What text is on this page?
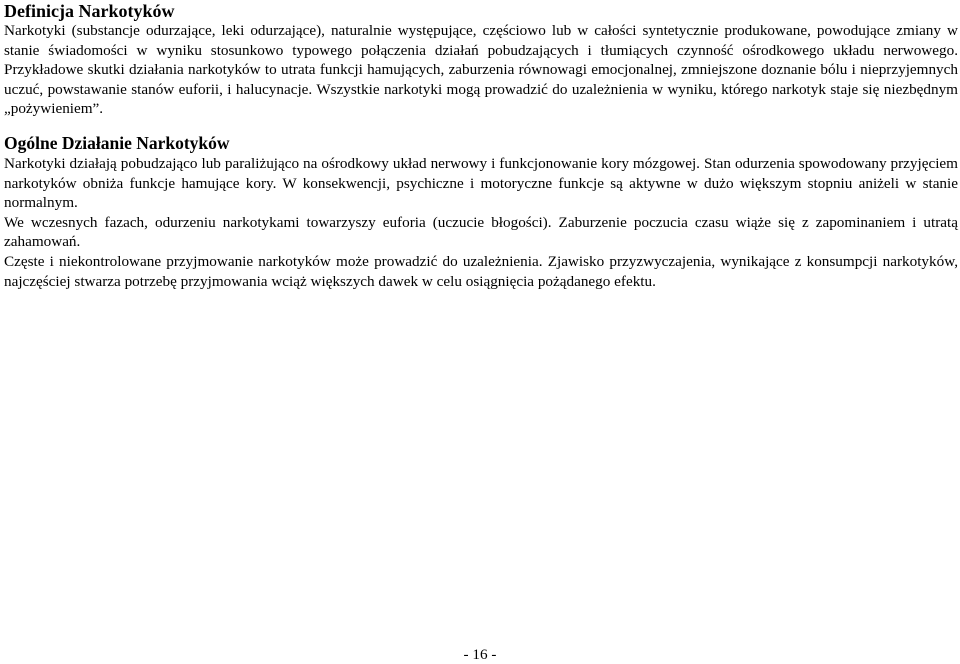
Definicja Narkotyków

Narkotyki (substancje odurzające, leki odurzające), naturalnie występujące, częściowo lub w całości syntetycznie produkowane, powodujące zmiany w stanie świadomości w wyniku stosunkowo typowego połączenia działań pobudzających i tłumiących czynność ośrodkowego układu nerwowego. Przykładowe skutki działania narkotyków to utrata funkcji hamujących, zaburzenia równowagi emocjonalnej, zmniejszone doznanie bólu i nieprzyjemnych uczuć, powstawanie stanów euforii, i halucynacje. Wszystkie narkotyki mogą prowadzić do uzależnienia w wyniku, którego narkotyk staje się niezbędnym „pożywieniem”.

Ogólne Działanie Narkotyków

Narkotyki działają pobudzająco lub paraliżująco na ośrodkowy układ nerwowy i funkcjonowanie kory mózgowej. Stan odurzenia spowodowany przyjęciem narkotyków obniża funkcje hamujące kory. W konsekwencji, psychiczne i motoryczne funkcje są aktywne w dużo większym stopniu aniżeli w stanie normalnym.

We wczesnych fazach, odurzeniu narkotykami towarzyszy euforia (uczucie błogości). Zaburzenie poczucia czasu wiąże się z zapominaniem i utratą zahamowań.

Częste i niekontrolowane przyjmowanie narkotyków może prowadzić do uzależnienia. Zjawisko przyzwyczajenia, wynikające z konsumpcji narkotyków, najczęściej stwarza potrzebę przyjmowania wciąż większych dawek w celu osiągnięcia pożądanego efektu.

- 16 -
